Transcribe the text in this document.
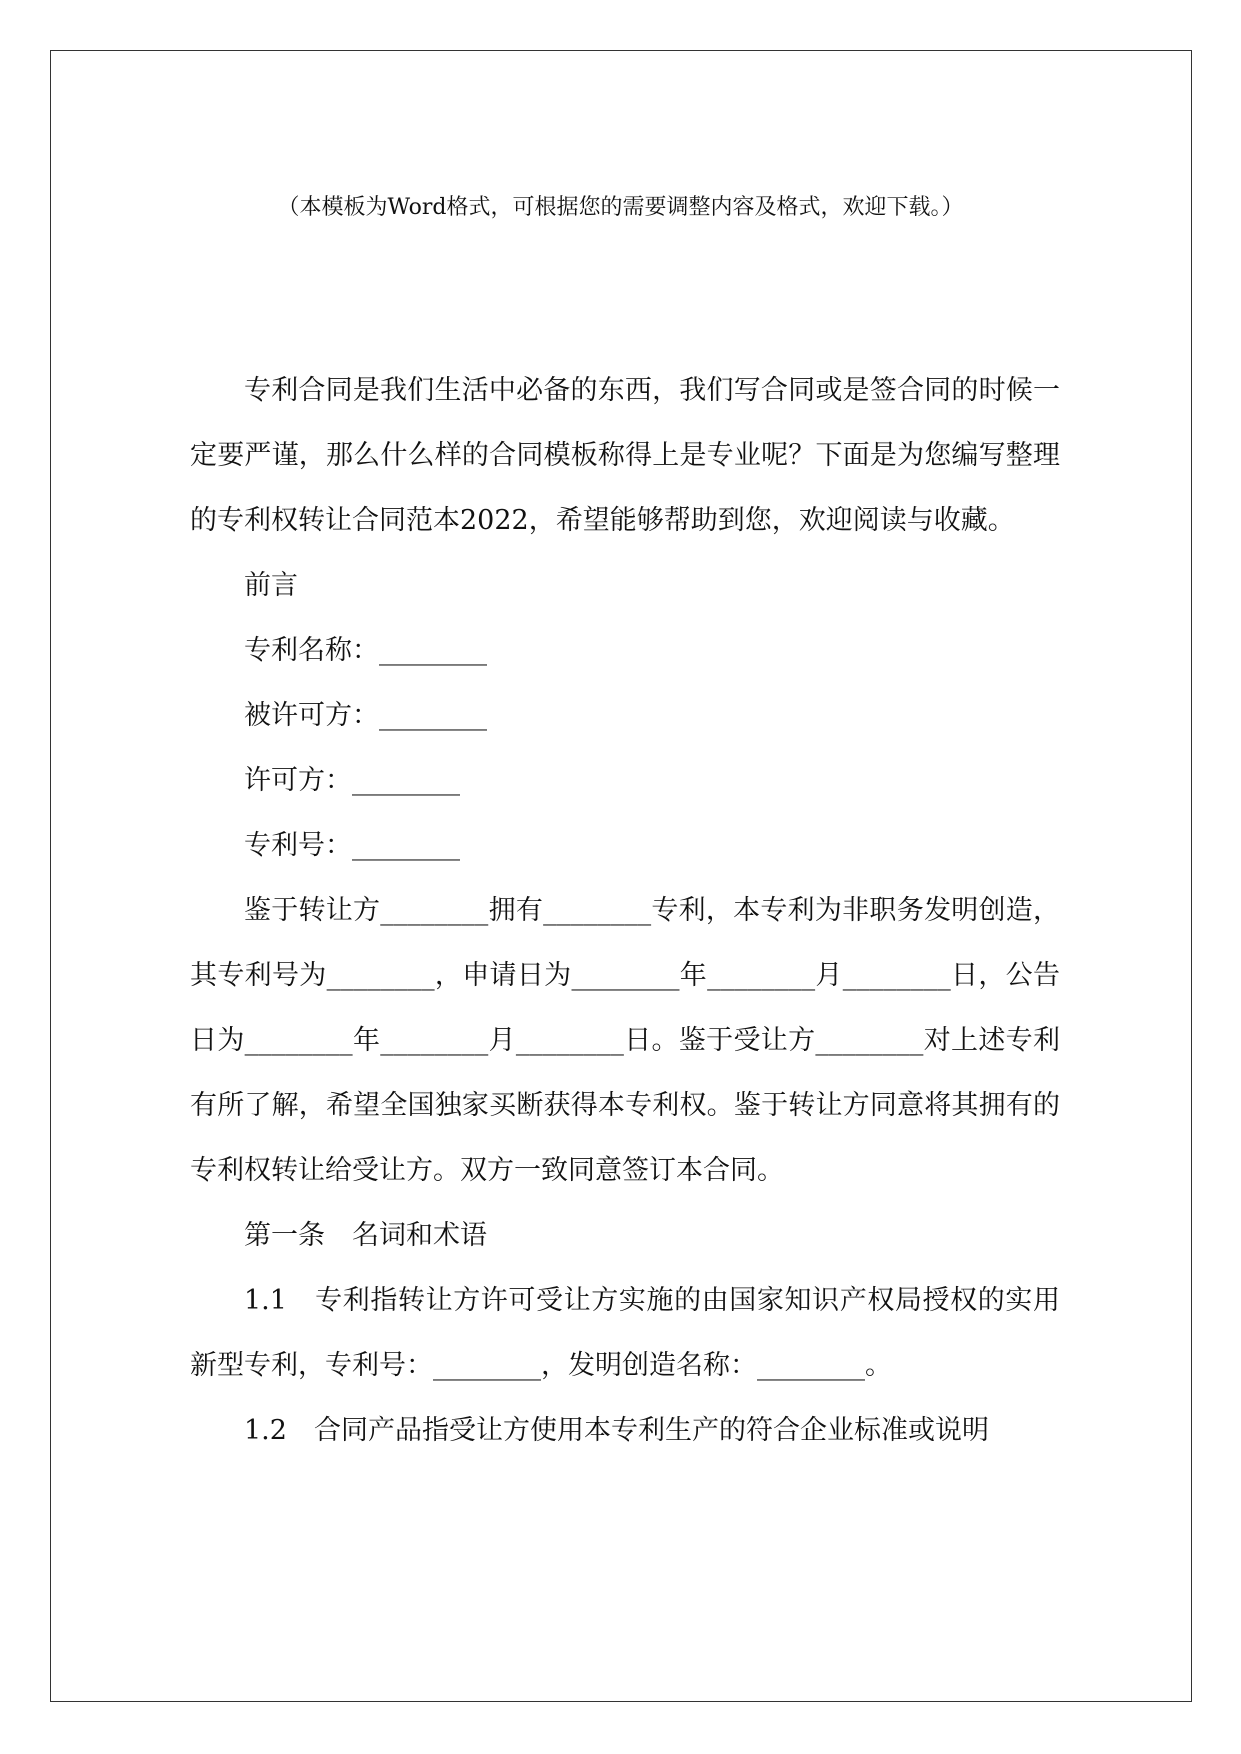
（本模板为Word格式，可根据您的需要调整内容及格式，欢迎下载。）

专利合同是我们生活中必备的东西，我们写合同或是签合同的时候一定要严谨，那么什么样的合同模板称得上是专业呢？下面是为您编写整理的专利权转让合同范本2022，希望能够帮助到您，欢迎阅读与收藏。

前言

专利名称：________

被许可方：________

许可方：________

专利号：________

鉴于转让方________拥有________专利，本专利为非职务发明创造，其专利号为________，申请日为________年________月________日，公告日为________年________月________日。鉴于受让方________对上述专利有所了解，希望全国独家买断获得本专利权。鉴于转让方同意将其拥有的专利权转让给受让方。双方一致同意签订本合同。

第一条　名词和术语

1.1　专利指转让方许可受让方实施的由国家知识产权局授权的实用新型专利，专利号：________，发明创造名称：________。

1.2　合同产品指受让方使用本专利生产的符合企业标准或说明
